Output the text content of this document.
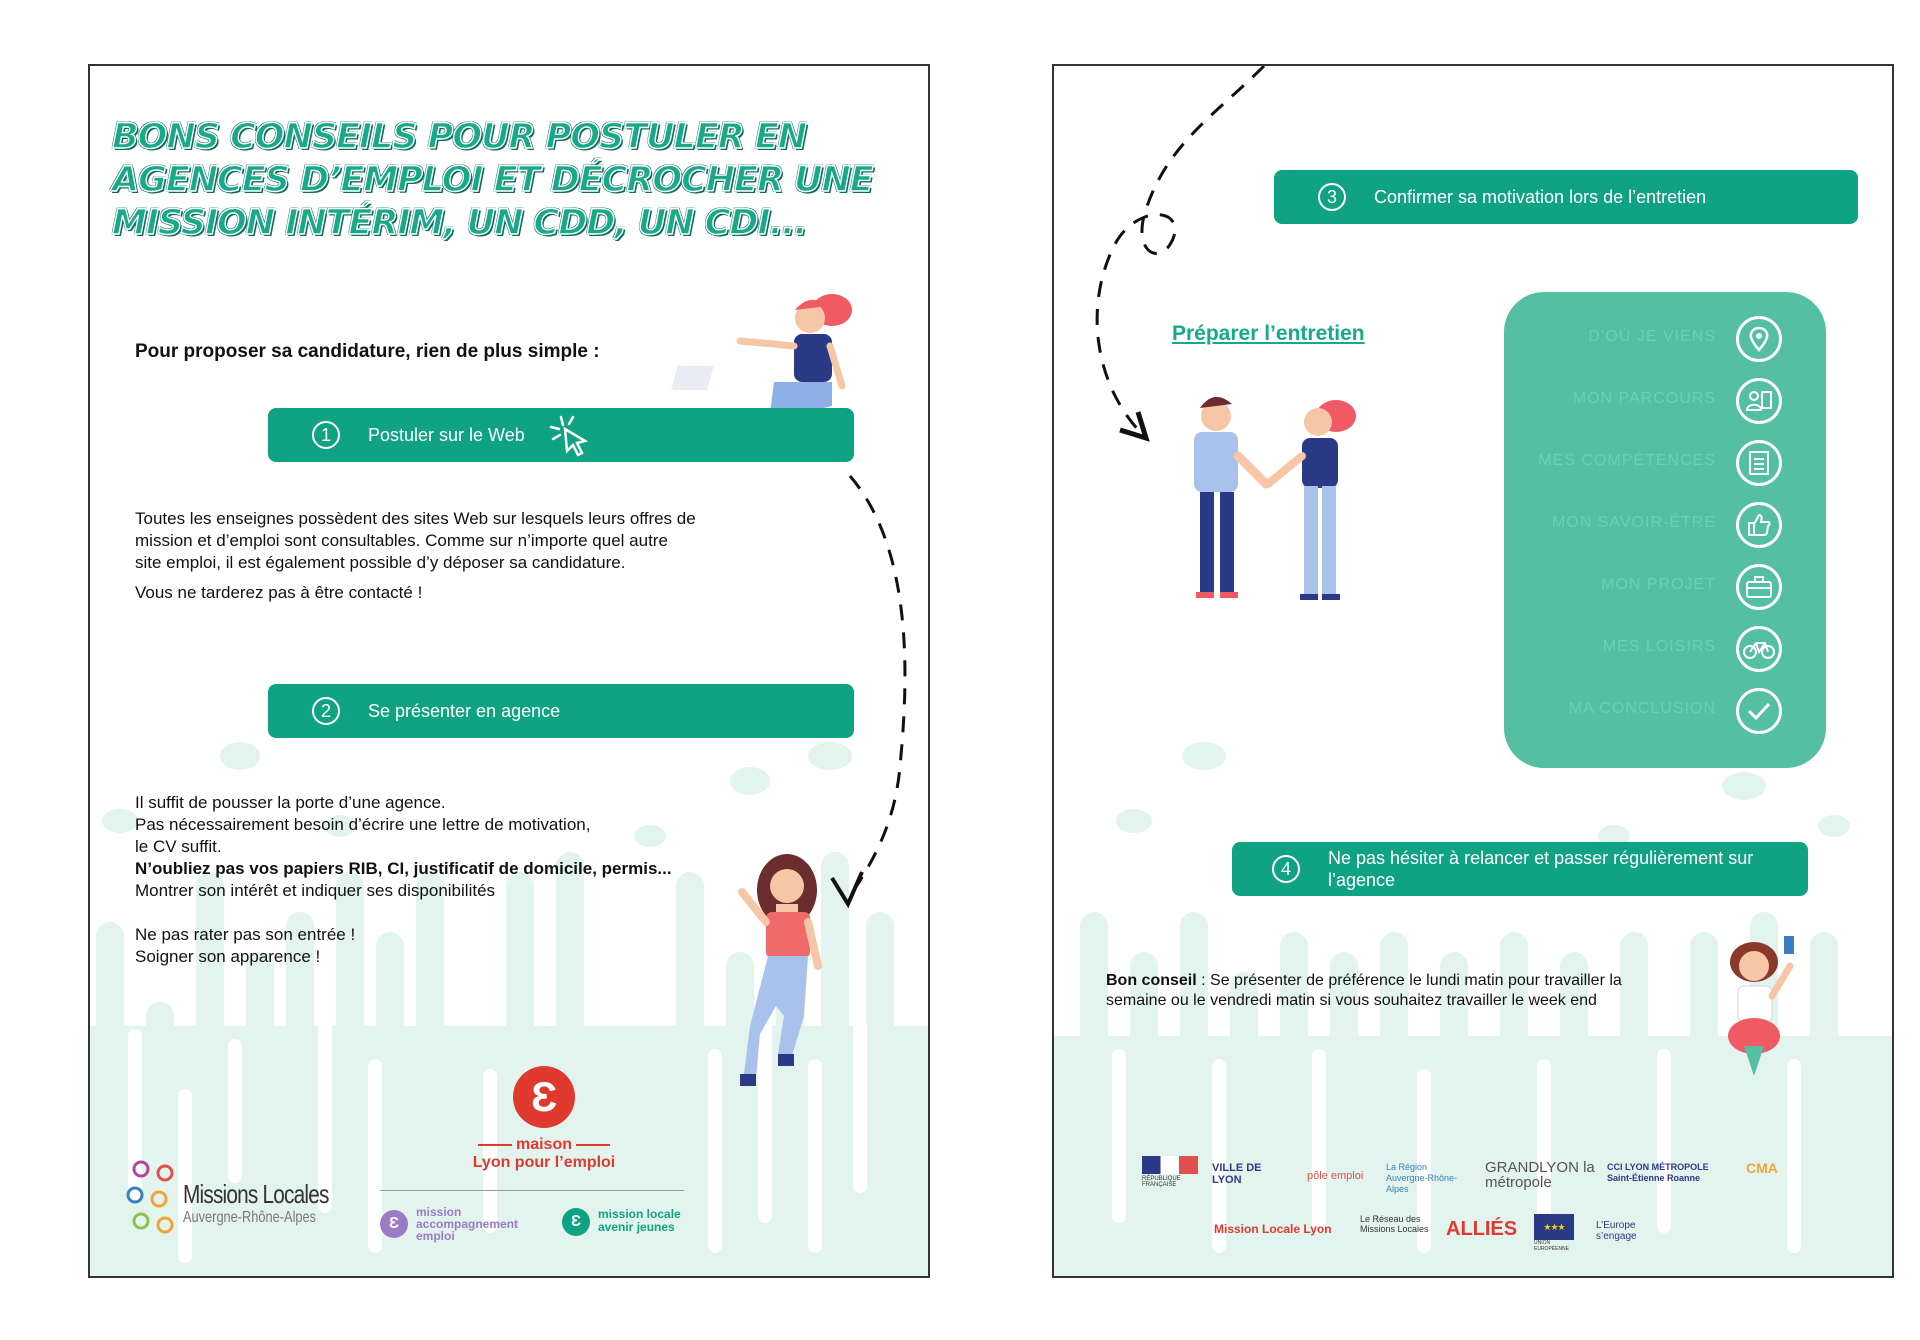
BONS CONSEILS POUR POSTULER EN
AGENCES D’EMPLOI ET DÉCROCHER UNE
MISSION INTÉRIM, UN CDD, UN CDI...
Pour proposer sa candidature, rien de plus simple :
1	Postuler sur le Web

Toutes les enseignes possèdent des sites Web sur lesquels leurs offres de

mission et d’emploi sont consultables. Comme sur n’importe quel autre

site emploi, il est également possible d’y déposer sa candidature.

Vous ne tarderez pas à être contacté !

2	Se présenter en agence

Il suffit de pousser la porte d’une agence.

Pas nécessairement besoin d’écrire une lettre de motivation,

le CV suffit.

N’oubliez pas vos papiers RIB, CI, justificatif de domicile, permis...

Montrer son intérêt et indiquer ses disponibilités

Ne pas rater pas son entrée !

Soigner son apparence !

Ɛ
maison
Lyon pour l’emploi
Missions Locales
Auvergne-Rhône-Alpes	Ɛ
mission
accompagnement
emploi
Ɛ	mission locale
avenir jeunes
3	Confirmer sa motivation lors de l’entretien
Préparer l’entretien	D’OÙ JE VIENS
MON PARCOURS
MES COMPÉTENCES
MON SAVOIR-ÊTRE
MON PROJET
MES LOISIRS
MA CONCLUSION
4
Ne pas hésiter à relancer et passer régulièrement sur l’agence
Bon conseil : Se présenter de préférence le lundi matin pour travailler la semaine ou le vendredi matin si vous souhaitez travailler le week end
RÉPUBLIQUE FRANÇAISE
VILLE DE LYON	pôle emploi
La Région Auvergne-Rhône-Alpes
GRANDLYON la métropole
CCI LYON MÉTROPOLE Saint-Étienne Roanne
CMA
Mission Locale Lyon
Le Réseau des Missions Locales ALLIÉS	★★★
UNION EUROPÉENNE
L’Europe s’engage
